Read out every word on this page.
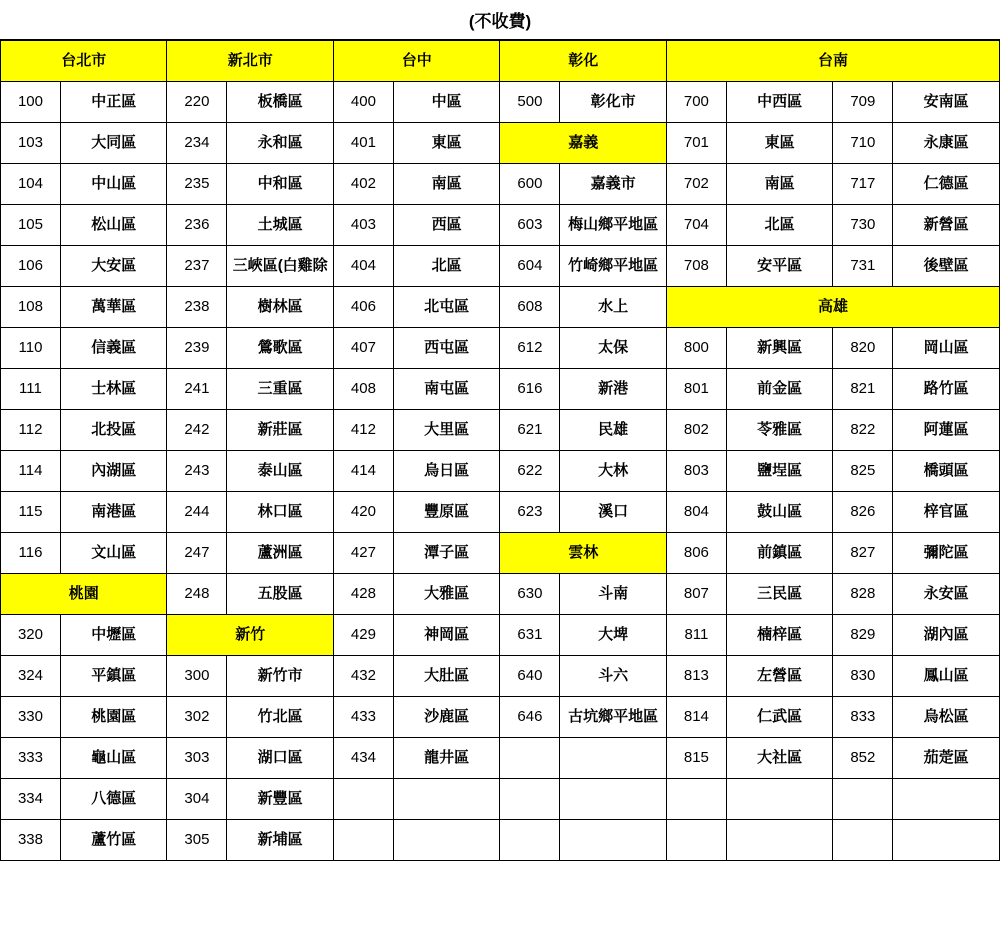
(不收費)
台北市		新北市		台中		彰化		台南			
100	中正區	220	板橋區	400	中區	500	彰化市	700	中西區	709	安南區
103	大同區	234	永和區	401	東區	嘉義		701	東區	710	永康區
104	中山區	235	中和區	402	南區	600	嘉義市	702	南區	717	仁德區
105	松山區	236	土城區	403	西區	603	梅山鄉平地區	704	北區	730	新營區
106	大安區	237	三峽區(白雞除	404	北區	604	竹崎鄉平地區	708	安平區	731	後壁區
108	萬華區	238	樹林區	406	北屯區	608	水上	高雄			
110	信義區	239	鶯歌區	407	西屯區	612	太保	800	新興區	820	岡山區
111	士林區	241	三重區	408	南屯區	616	新港	801	前金區	821	路竹區
112	北投區	242	新莊區	412	大里區	621	民雄	802	苓雅區	822	阿蓮區
114	內湖區	243	泰山區	414	烏日區	622	大林	803	鹽埕區	825	橋頭區
115	南港區	244	林口區	420	豐原區	623	溪口	804	鼓山區	826	梓官區
116	文山區	247	蘆洲區	427	潭子區	雲林		806	前鎮區	827	彌陀區
桃園		248	五股區	428	大雅區	630	斗南	807	三民區	828	永安區
320	中壢區	新竹		429	神岡區	631	大埤	811	楠梓區	829	湖內區
324	平鎮區	300	新竹市	432	大肚區	640	斗六	813	左營區	830	鳳山區
330	桃園區	302	竹北區	433	沙鹿區	646	古坑鄉平地區	814	仁武區	833	烏松區
333	龜山區	303	湖口區	434	龍井區			815	大社區	852	茄萣區
334	八德區	304	新豐區								
338	蘆竹區	305	新埔區								
